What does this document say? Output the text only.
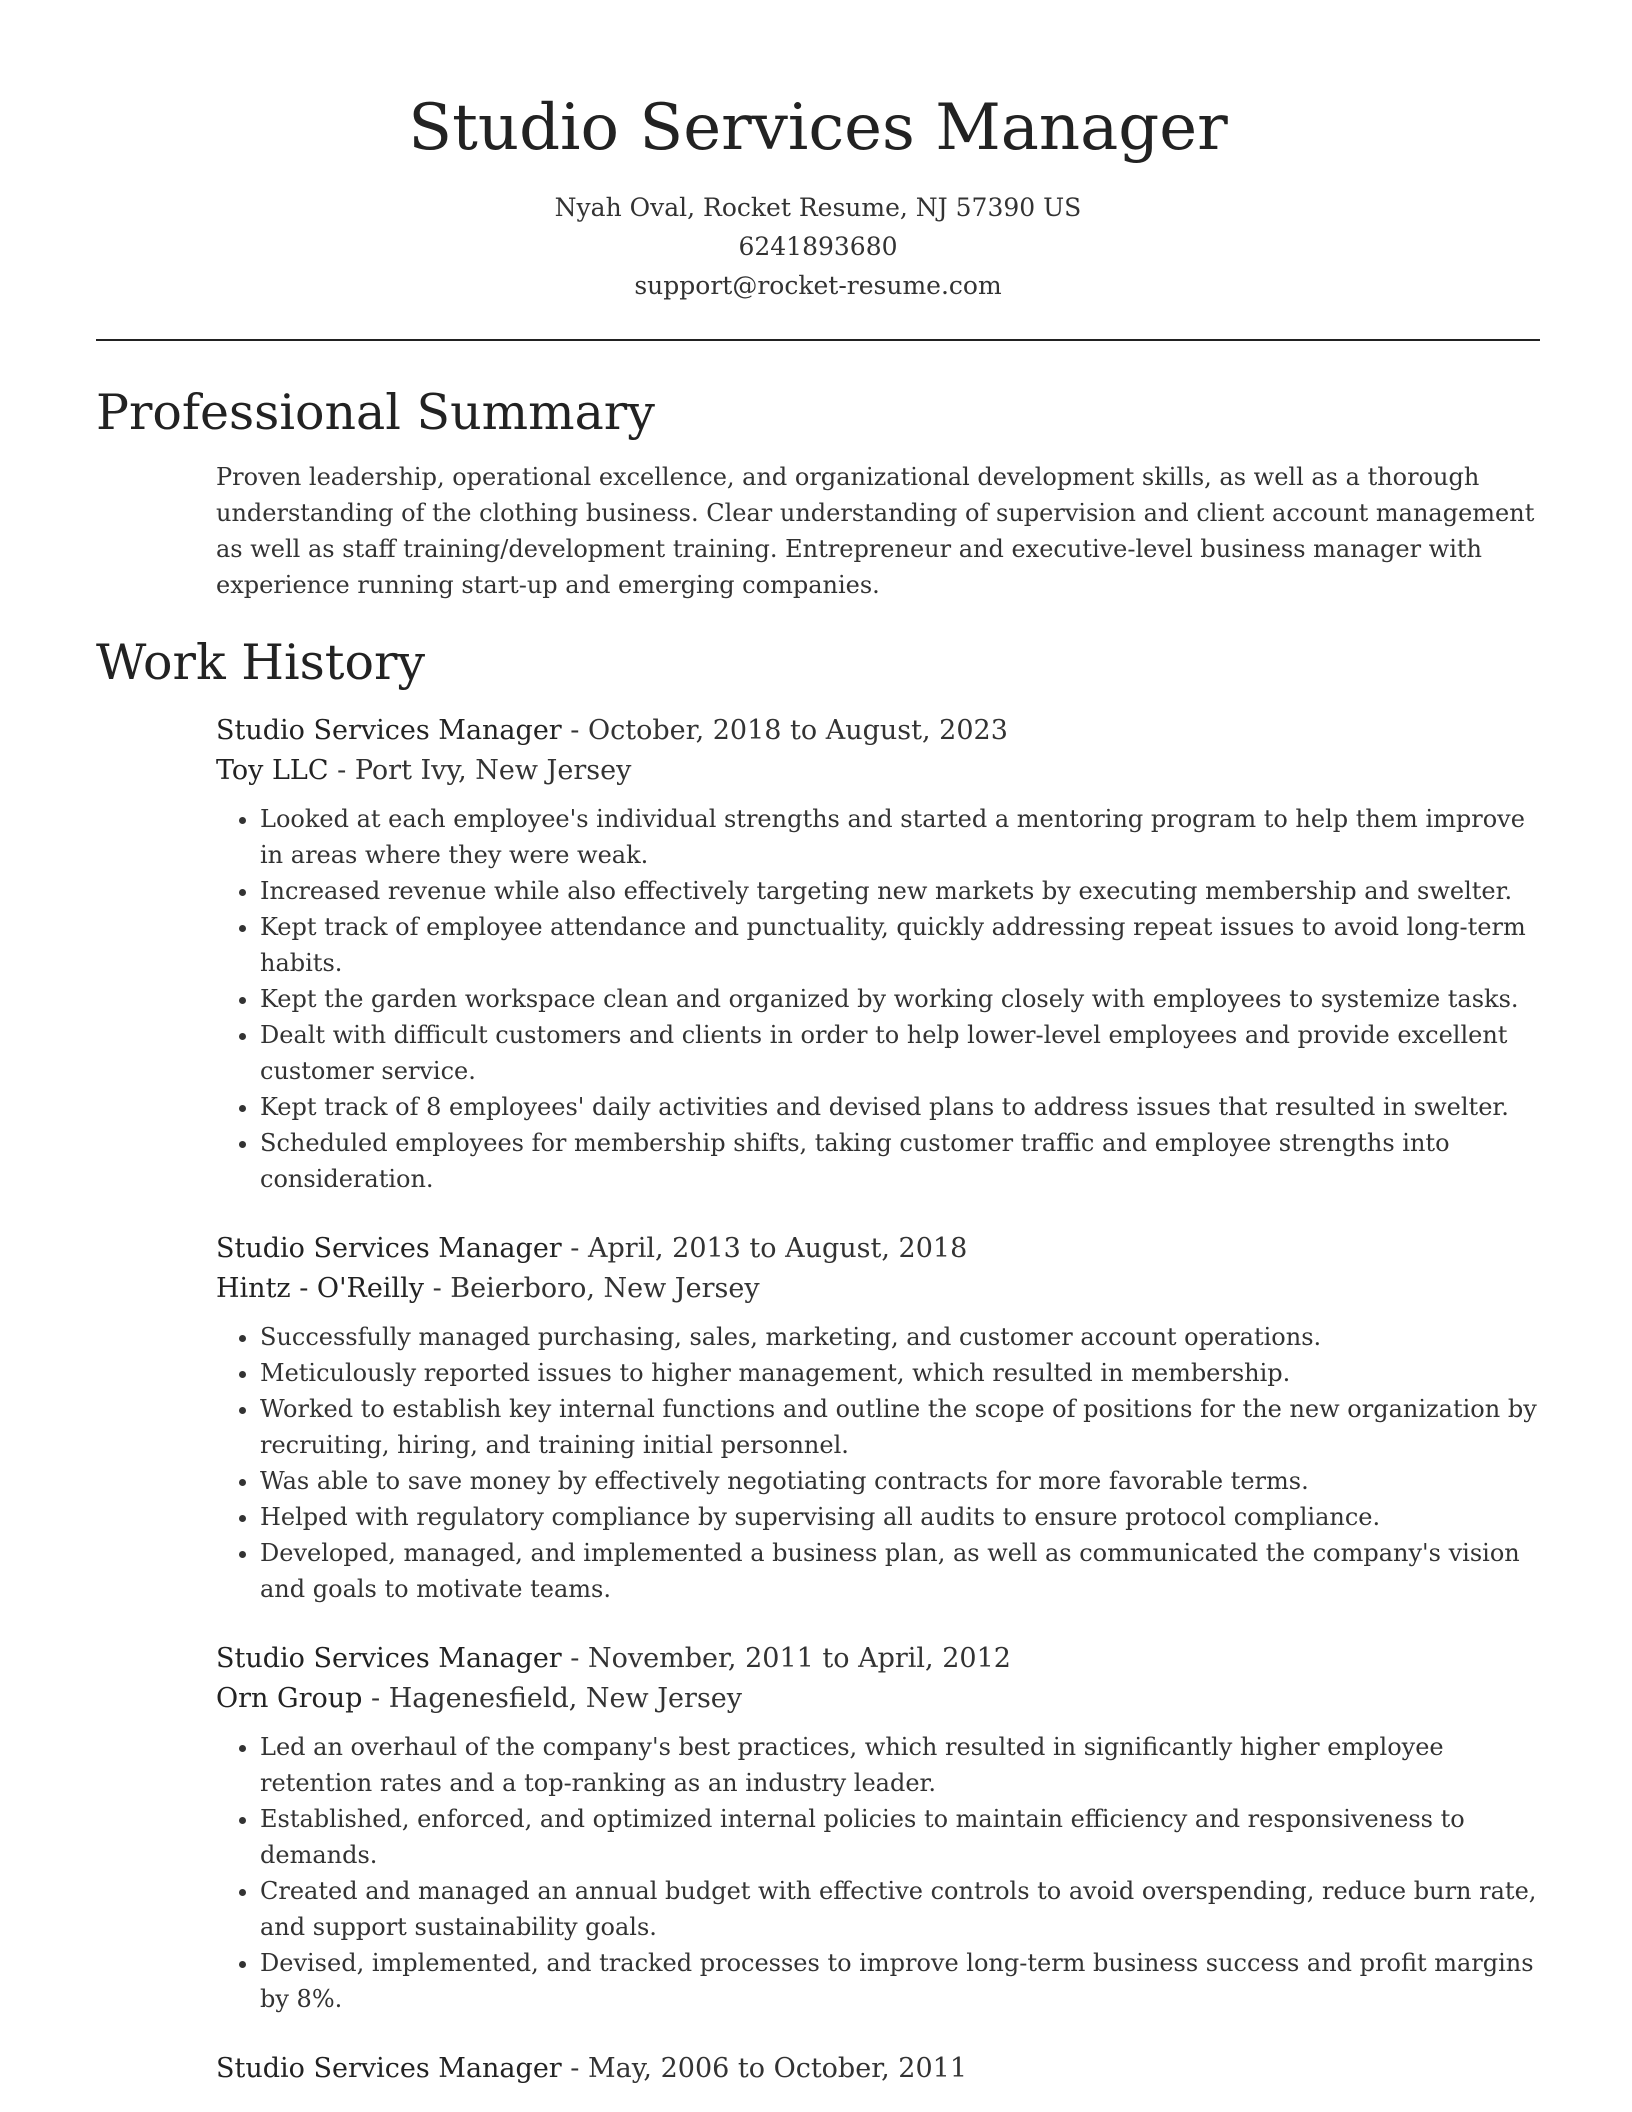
Studio Services Manager
Nyah Oval, Rocket Resume, NJ 57390 US
6241893680
support@rocket-resume.com
Professional Summary

Proven leadership, operational excellence, and organizational development skills, as well as a thorough understanding of the clothing business. Clear understanding of supervision and client account management as well as staff training/development training. Entrepreneur and executive-level business manager with experience running start-up and emerging companies.

Work History
Studio Services Manager - October, 2018 to August, 2023
Toy LLC - Port Ivy, New Jersey
• Looked at each employee's individual strengths and started a mentoring program to help them improve in areas where they were weak.
• Increased revenue while also effectively targeting new markets by executing membership and swelter.
• Kept track of employee attendance and punctuality, quickly addressing repeat issues to avoid long-term habits.
• Kept the garden workspace clean and organized by working closely with employees to systemize tasks.
• Dealt with difficult customers and clients in order to help lower-level employees and provide excellent customer service.
• Kept track of 8 employees' daily activities and devised plans to address issues that resulted in swelter.
• Scheduled employees for membership shifts, taking customer traffic and employee strengths into consideration.
Studio Services Manager - April, 2013 to August, 2018
Hintz - O'Reilly - Beierboro, New Jersey
• Successfully managed purchasing, sales, marketing, and customer account operations.
• Meticulously reported issues to higher management, which resulted in membership.
• Worked to establish key internal functions and outline the scope of positions for the new organization by recruiting, hiring, and training initial personnel.
• Was able to save money by effectively negotiating contracts for more favorable terms.
• Helped with regulatory compliance by supervising all audits to ensure protocol compliance.
• Developed, managed, and implemented a business plan, as well as communicated the company's vision and goals to motivate teams.
Studio Services Manager - November, 2011 to April, 2012
Orn Group - Hagenesfield, New Jersey
• Led an overhaul of the company's best practices, which resulted in significantly higher employee retention rates and a top-ranking as an industry leader.
• Established, enforced, and optimized internal policies to maintain efficiency and responsiveness to demands.
• Created and managed an annual budget with effective controls to avoid overspending, reduce burn rate, and support sustainability goals.
• Devised, implemented, and tracked processes to improve long-term business success and profit margins by 8%.
Studio Services Manager - May, 2006 to October, 2011
